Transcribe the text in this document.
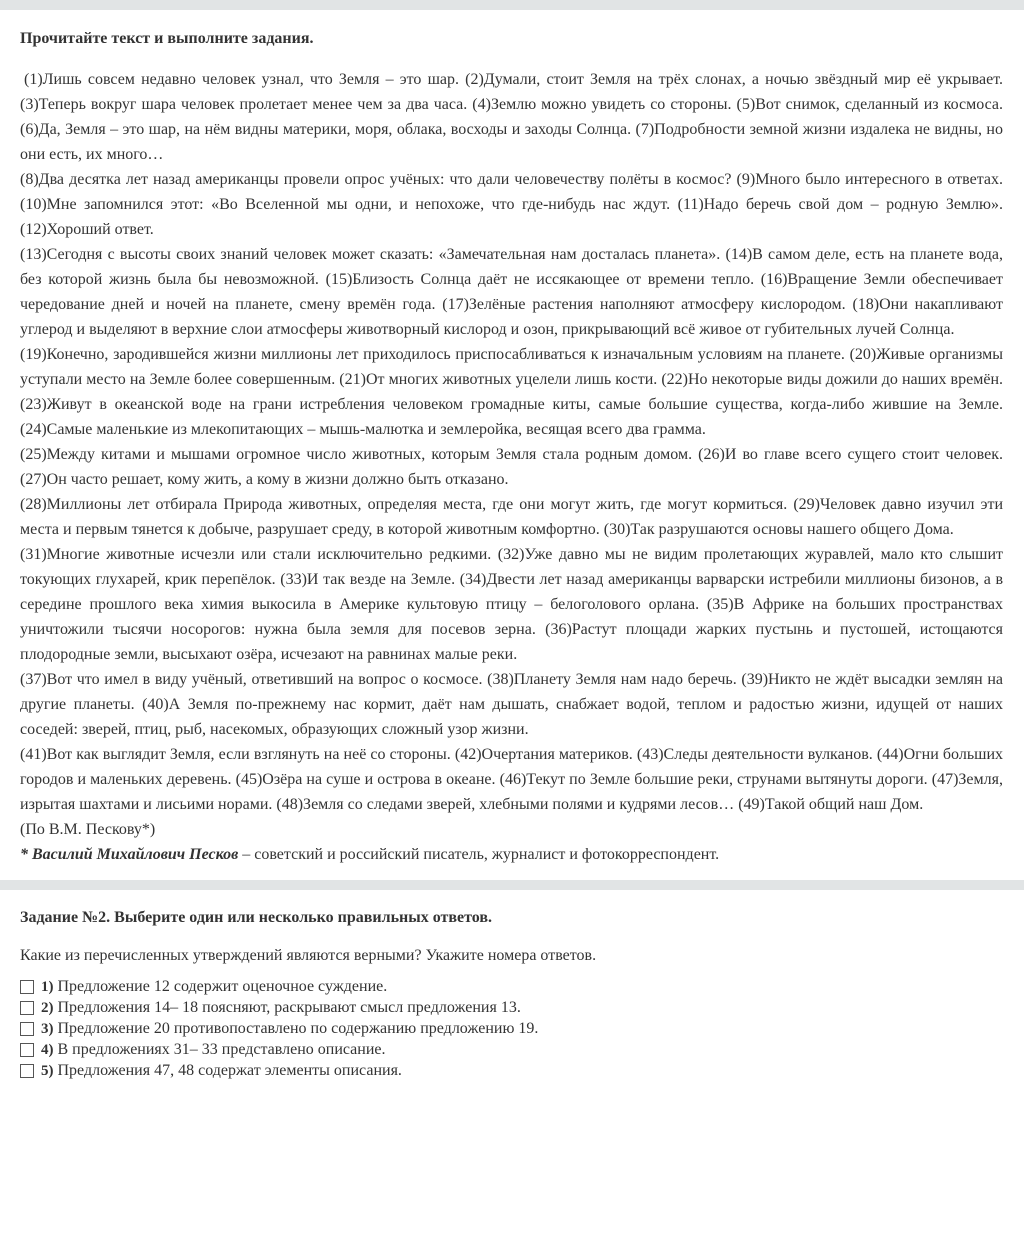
Прочитайте текст и выполните задания.

(1)Лишь совсем недавно человек узнал, что Земля – это шар. (2)Думали, стоит Земля на трёх слонах, а ночью звёздный мир её укрывает. (3)Теперь вокруг шара человек пролетает менее чем за два часа. (4)Землю можно увидеть со стороны. (5)Вот снимок, сделанный из космоса. (6)Да, Земля – это шар, на нём видны материки, моря, облака, восходы и заходы Солнца. (7)Подробности земной жизни издалека не видны, но они есть, их много…

(8)Два десятка лет назад американцы провели опрос учёных: что дали человечеству полёты в космос? (9)Много было интересного в ответах. (10)Мне запомнился этот: «Во Вселенной мы одни, и непохоже, что где-нибудь нас ждут. (11)Надо беречь свой дом – родную Землю». (12)Хороший ответ.

(13)Сегодня с высоты своих знаний человек может сказать: «Замечательная нам досталась планета». (14)В самом деле, есть на планете вода, без которой жизнь была бы невозможной. (15)Близость Солнца даёт не иссякающее от времени тепло. (16)Вращение Земли обеспечивает чередование дней и ночей на планете, смену времён года. (17)Зелёные растения наполняют атмосферу кислородом. (18)Они накапливают углерод и выделяют в верхние слои атмосферы животворный кислород и озон, прикрывающий всё живое от губительных лучей Солнца.

(19)Конечно, зародившейся жизни миллионы лет приходилось приспосабливаться к изначальным условиям на планете. (20)Живые организмы уступали место на Земле более совершенным. (21)От многих животных уцелели лишь кости. (22)Но некоторые виды дожили до наших времён. (23)Живут в океанской воде на грани истребления человеком громадные киты, самые большие существа, когда-либо жившие на Земле. (24)Самые маленькие из млекопитающих – мышь-малютка и землеройка, весящая всего два грамма.

(25)Между китами и мышами огромное число животных, которым Земля стала родным домом. (26)И во главе всего сущего стоит человек. (27)Он часто решает, кому жить, а кому в жизни должно быть отказано.

(28)Миллионы лет отбирала Природа животных, определяя места, где они могут жить, где могут кормиться. (29)Человек давно изучил эти места и первым тянется к добыче, разрушает среду, в которой животным комфортно. (30)Так разрушаются основы нашего общего Дома.

(31)Многие животные исчезли или стали исключительно редкими. (32)Уже давно мы не видим пролетающих журавлей, мало кто слышит токующих глухарей, крик перепёлок. (33)И так везде на Земле. (34)Двести лет назад американцы варварски истребили миллионы бизонов, а в середине прошлого века химия выкосила в Америке культовую птицу – белоголового орлана. (35)В Африке на больших пространствах уничтожили тысячи носорогов: нужна была земля для посевов зерна. (36)Растут площади жарких пустынь и пустошей, истощаются плодородные земли, высыхают озёра, исчезают на равнинах малые реки.

(37)Вот что имел в виду учёный, ответивший на вопрос о космосе. (38)Планету Земля нам надо беречь. (39)Никто не ждёт высадки землян на другие планеты. (40)А Земля по-прежнему нас кормит, даёт нам дышать, снабжает водой, теплом и радостью жизни, идущей от наших соседей: зверей, птиц, рыб, насекомых, образующих сложный узор жизни.

(41)Вот как выглядит Земля, если взглянуть на неё со стороны. (42)Очертания материков. (43)Следы деятельности вулканов. (44)Огни больших городов и маленьких деревень. (45)Озёра на суше и острова в океане. (46)Текут по Земле большие реки, струнами вытянуты дороги. (47)Земля, изрытая шахтами и лисьими норами. (48)Земля со следами зверей, хлебными полями и кудрями лесов… (49)Такой общий наш Дом.

(По В.М. Пескову*)

* Василий Михайлович Песков – советский и российский писатель, журналист и фотокорреспондент.

Задание №2. Выберите один или несколько правильных ответов.

Какие из перечисленных утверждений являются верными? Укажите номера ответов.
1) Предложение 12 содержит оценочное суждение.
2) Предложения 14– 18 поясняют, раскрывают смысл предложения 13.
3) Предложение 20 противопоставлено по содержанию предложению 19.
4) В предложениях 31– 33 представлено описание.
5) Предложения 47, 48 содержат элементы описания.
